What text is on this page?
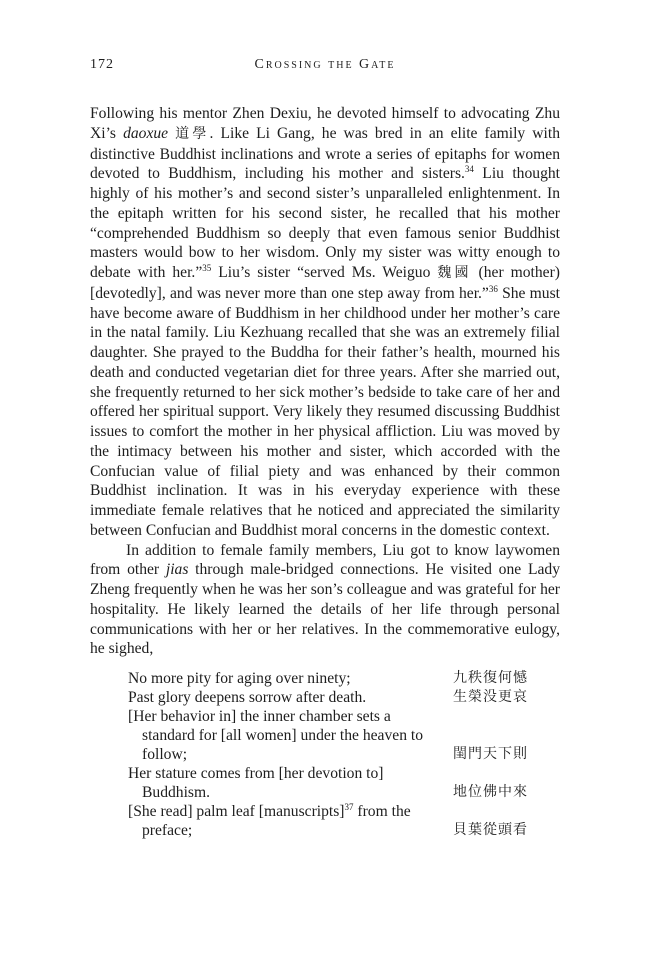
172	Crossing the Gate

Following his mentor Zhen Dexiu, he devoted himself to advocating Zhu Xi’s daoxue 道學. Like Li Gang, he was bred in an elite family with distinctive Buddhist inclinations and wrote a series of epitaphs for women devoted to Buddhism, including his mother and sisters.$^{34}$ Liu thought highly of his mother’s and second sister’s unparalleled enlightenment. In the epitaph written for his second sister, he recalled that his mother “comprehended Buddhism so deeply that even famous senior Buddhist masters would bow to her wisdom. Only my sister was witty enough to debate with her.”$^{35}$ Liu’s sister “served Ms. Weiguo 魏國 (her mother) [devotedly], and was never more than one step away from her.”$^{36}$ She must have become aware of Buddhism in her childhood under her mother’s care in the natal family. Liu Kezhuang recalled that she was an extremely filial daughter. She prayed to the Buddha for their father’s health, mourned his death and conducted vegetarian diet for three years. After she married out, she frequently returned to her sick mother’s bedside to take care of her and offered her spiritual support. Very likely they resumed discussing Buddhist issues to comfort the mother in her physical affliction. Liu was moved by the intimacy between his mother and sister, which accorded with the Confucian value of filial piety and was enhanced by their common Buddhist inclination. It was in his everyday experience with these immediate female relatives that he noticed and appreciated the similarity between Confucian and Buddhist moral concerns in the domestic context.

In addition to female family members, Liu got to know laywomen from other jias through male-bridged connections. He visited one Lady Zheng frequently when he was her son’s colleague and was grateful for her hospitality. He likely learned the details of her life through personal communications with her or her relatives. In the commemorative eulogy, he sighed,

No more pity for aging over ninety;	九秩復何憾
Past glory deepens sorrow after death.	生榮没更哀
[Her behavior in] the inner chamber sets a standard for [all women] under the heaven to follow;	閨門天下則
Her stature comes from [her devotion to] Buddhism.	地位佛中來
[She read] palm leaf [manuscripts]$^{37}$ from the preface;	貝葉從頭看
